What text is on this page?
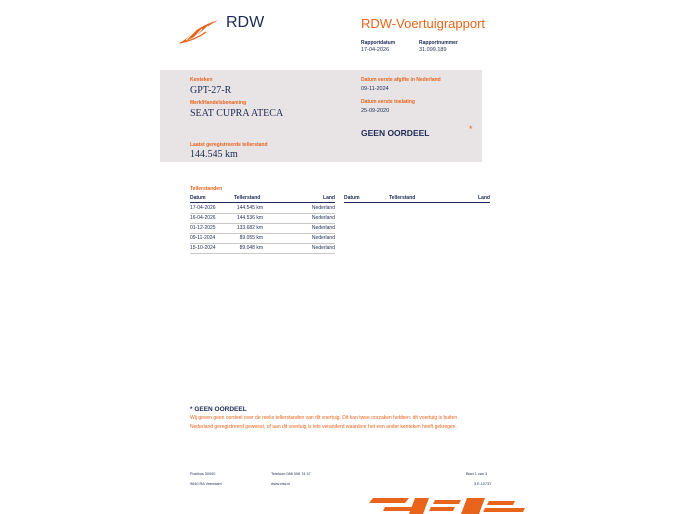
RDW	RDW-Voertuigrapport
Rapportdatum
17-04-2026
Rapportnummer
31.099.189
Kenteken
GPT-27-R
Merk/Handelsbenaming
SEAT CUPRA ATECA
Laatst geregistreerde tellerstand
144.545 km
Datum eerste afgifte in Nederland
09-11-2024
Datum eerste toelating
25-09-2020
GEEN OORDEEL	*
Tellerstanden
Datum	Tellerstand	Land
17-04-2026	144.545 km	Nederland
16-04-2026	144.536 km	Nederland
01-12-2025	133.682 km	Nederland
09-11-2024	89.055 km	Nederland
15-10-2024	89.048 km	Nederland
Datum	Tellerstand	Land
* GEEN OORDEEL
Wij geven geen oordeel over de reeks tellerstanden van dit voertuig. Dit kan twee oorzaken hebben: dit voertuig is buiten Nederland geregistreerd geweest, of aan dit voertuig is iets veranderd waardoor het een ander kenteken heeft gekregen.
Postbus 30000
9640 RA Veendam
Telefoon 088 008 74 47
www.rdw.nl
Blad 1 van 3
3.E.10737
